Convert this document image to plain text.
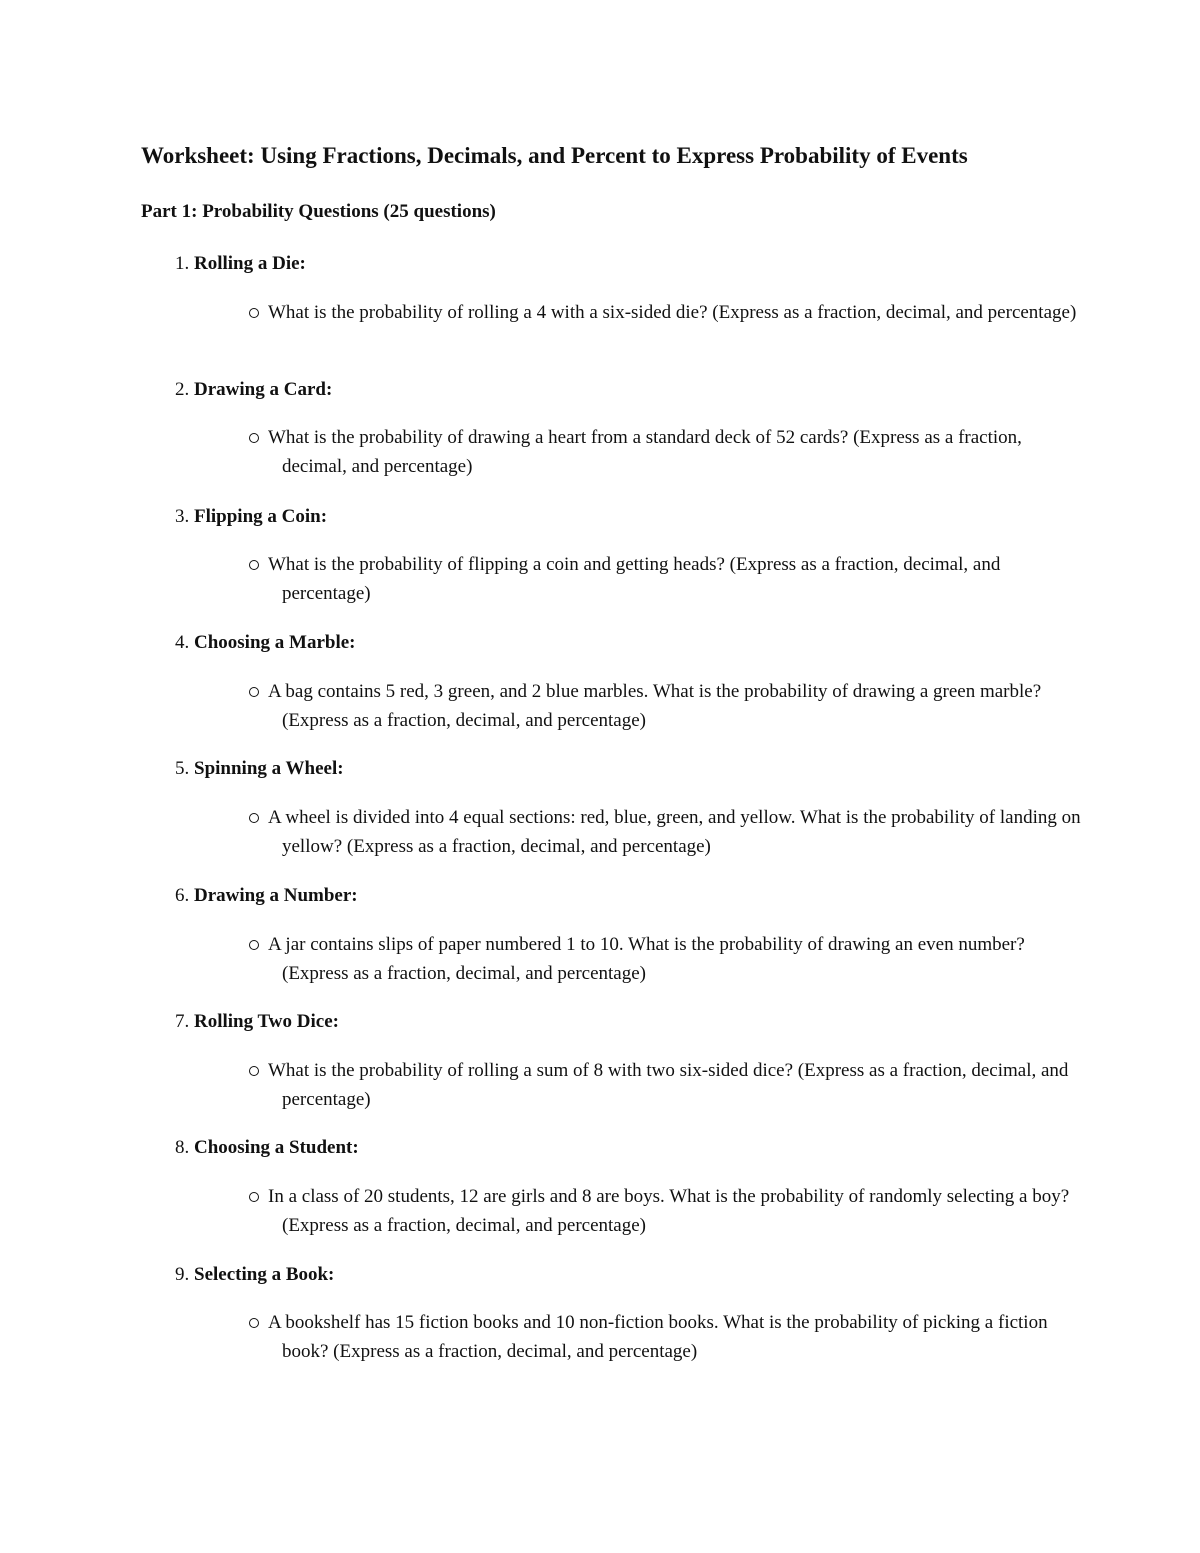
Worksheet: Using Fractions, Decimals, and Percent to Express Probability of Events
Part 1: Probability Questions (25 questions)

1. Rolling a Die:

What is the probability of rolling a 4 with a six-sided die? (Express as a fraction, decimal, and percentage)

2. Drawing a Card:

What is the probability of drawing a heart from a standard deck of 52 cards? (Express as a fraction, decimal, and percentage)

3. Flipping a Coin:

What is the probability of flipping a coin and getting heads? (Express as a fraction, decimal, and percentage)

4. Choosing a Marble:

A bag contains 5 red, 3 green, and 2 blue marbles. What is the probability of drawing a green marble? (Express as a fraction, decimal, and percentage)

5. Spinning a Wheel:

A wheel is divided into 4 equal sections: red, blue, green, and yellow. What is the probability of landing on yellow? (Express as a fraction, decimal, and percentage)

6. Drawing a Number:

A jar contains slips of paper numbered 1 to 10. What is the probability of drawing an even number? (Express as a fraction, decimal, and percentage)

7. Rolling Two Dice:

What is the probability of rolling a sum of 8 with two six-sided dice? (Express as a fraction, decimal, and percentage)

8. Choosing a Student:

In a class of 20 students, 12 are girls and 8 are boys. What is the probability of randomly selecting a boy? (Express as a fraction, decimal, and percentage)

9. Selecting a Book:

A bookshelf has 15 fiction books and 10 non-fiction books. What is the probability of picking a fiction book? (Express as a fraction, decimal, and percentage)
